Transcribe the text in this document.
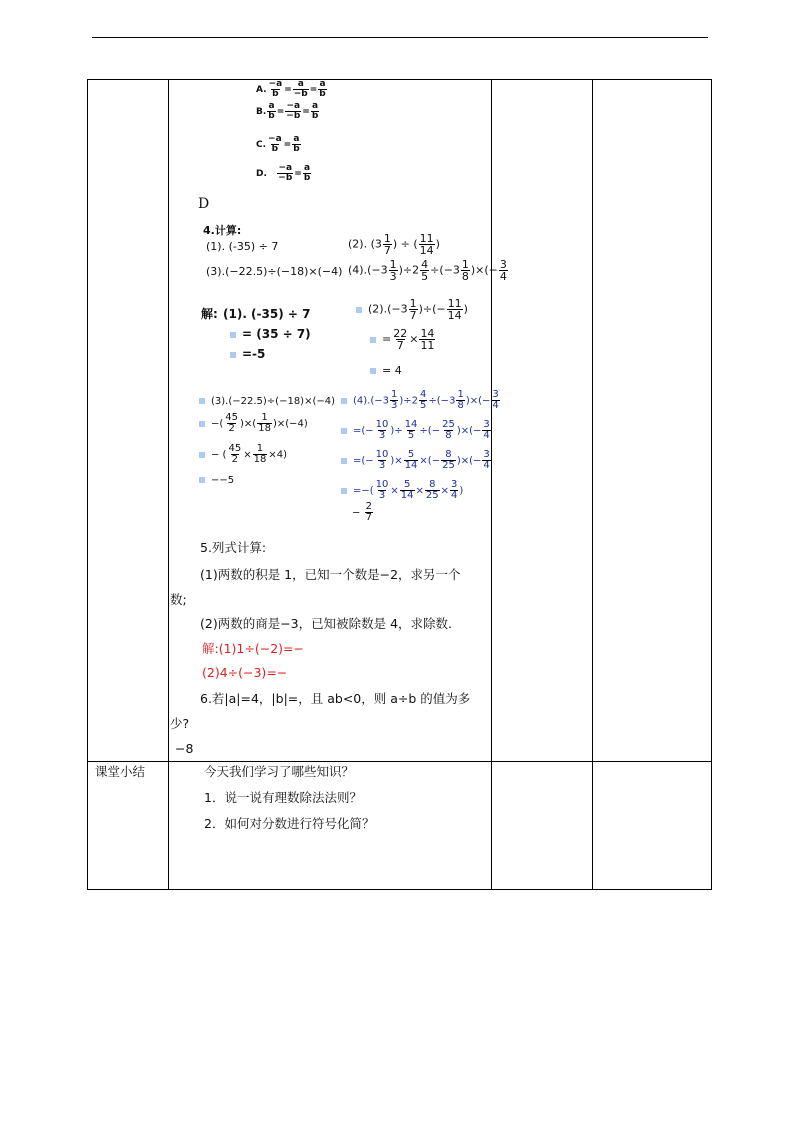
A. $\frac{-a}{b} = \frac{a}{-b} = \frac{a}{b}$
B. $\frac{a}{b} = \frac{-a}{-b} = \frac{a}{b}$
C. $\frac{-a}{b} = \frac{a}{b}$
D. $\frac{-a}{-b} = \frac{a}{b}$
D
4.计算:
(1). (-35) ÷ 7	(2). ($3 \frac{1}{7}$ ) ÷ ( $\frac{11}{14}$ )
(3).(−22.5)÷(−18)×(−4) $(4).(-3 \frac{1}{3} )\div 2 \frac{4}{5} \div(-3 \frac{1}{8}$ )×(− $\frac{3}{4}$
解: (1). (-35) ÷ 7
= (35 ÷ 7)
=-5
$(2).(-3 \frac{1}{7}$ )÷(− $\frac{11}{14}$ )
= $\frac{22}{7} \times \frac{14}{11}$
= 4
(3).(−22.5)÷(−18)×(−4)
−( $\frac{45}{2}$ )×( $\frac{1}{18} )\times(-4)$
− ( $\frac{45}{2} \times \frac{1}{18} \times 4$)
−−5
$(4).(-3 \frac{1}{3} )\div 2 \frac{4}{5} \div(-3 \frac{1}{8}$ )×(− $\frac{3}{4}$
=(− $\frac{10}{3}$ )÷ $\frac{14}{5}$ ÷(− $\frac{25}{8}$ )×(− $\frac{3}{4}$
=(− $\frac{10}{3}$ )× $\frac{5}{14}$ ×(− $\frac{8}{25}$ )×(− $\frac{3}{4}$
=−( $\frac{10}{3} \times \frac{5}{14} \times \frac{8}{25} \times \frac{3}{4}$ )
− $\frac{2}{7}$
5.列式计算:
(1)两数的积是 1，已知一个数是−2，求另一个
数;
(2)两数的商是−3，已知被除数是 4，求除数.
解:(1)1÷(−2)=−
(2)4÷(−3)=−
6.若|a|=4，|b|=，且 ab<0，则 a÷b 的值为多
少?
−8
课堂小结	今天我们学习了哪些知识？
1．说一说有理数除法法则？
2．如何对分数进行符号化简？
